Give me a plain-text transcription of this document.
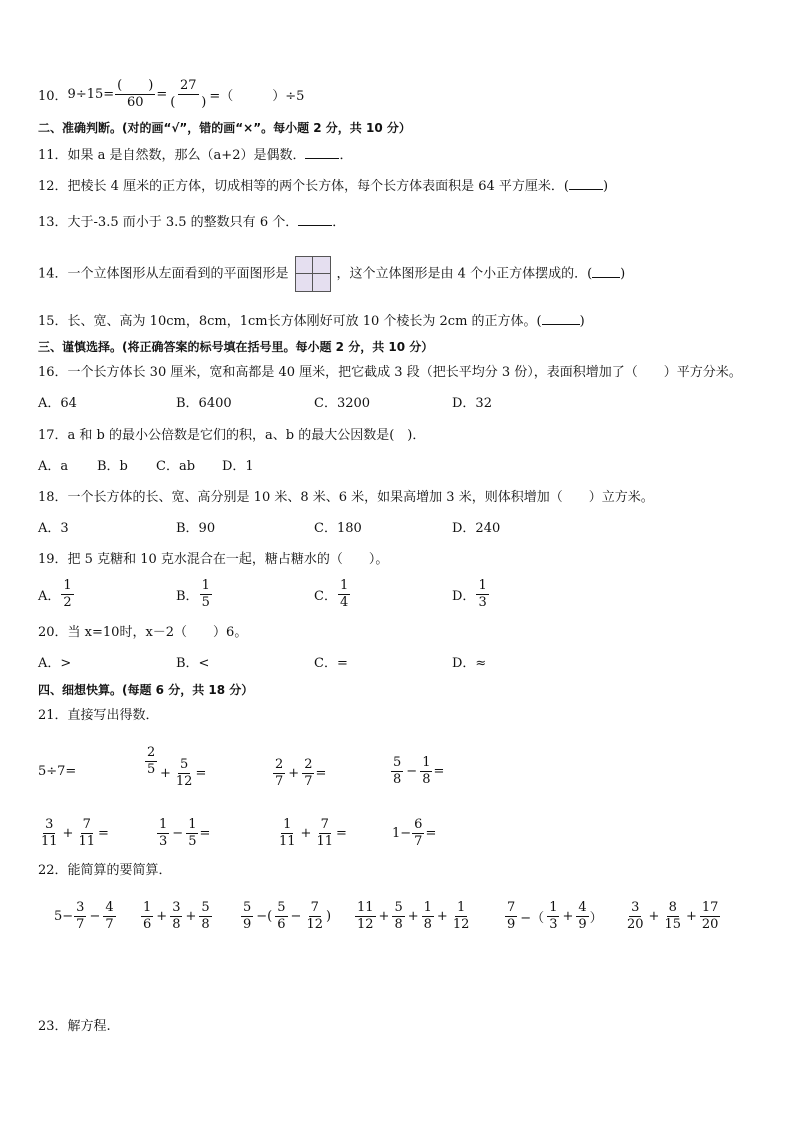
10． $9\div 15= \frac{( )}{60} = \frac{27}{( )}$ =（　　　）÷5
二、准确判断。(对的画“√”，错的画“×”。每小题 2 分，共 10 分）
11．如果 a 是自然数，那么（a+2）是偶数．	．
12．把棱长 4 厘米的正方体，切成相等的两个长方体，每个长方体表面积是 64 平方厘米．(	)
13．大于-3.5 而小于 3.5 的整数只有 6 个．	．
14．一个立体图形从左面看到的平面图形是	，这个立体图形是由 4 个小正方体摆成的．( )
15．长、宽、高为 10cm，8cm，1cm长方体刚好可放 10 个棱长为 2cm 的正方体。(	)
三、谨慎选择。(将正确答案的标号填在括号里。每小题 2 分，共 10 分）
16．一个长方体长 30 厘米，宽和高都是 40 厘米，把它截成 3 段（把长平均分 3 份），表面积增加了（　　）平方分米。
A．64	B．6400	C．3200	D．32
17．a 和 b 的最小公倍数是它们的积，a、b 的最大公因数是(　)．
A．a B．b C．ab D．1
18．一个长方体的长、宽、高分别是 10 米、8 米、6 米，如果高增加 3 米，则体积增加（　　）立方米。
A．3	B．90	C．180	D．240
19．把 5 克糖和 10 克水混合在一起，糖占糖水的（　　）。
A． $\frac{1}{2}$	B． $\frac{1}{5}$	C． $\frac{1}{4}$	D． $\frac{1}{3}$
20．当 x=10时，x－2（　　）6。
A．>	B．<	C．=	D．≈
四、细想快算。(每题 6 分，共 18 分）
21．直接写出得数．
5÷7=	$\frac{2}{5} + \frac{5}{12}$ =	$\frac{2}{7} + \frac{2}{7}$ =	$\frac{5}{8} - \frac{1}{8}$ =
$\frac{3}{11} + \frac{7}{11}$ =	$\frac{1}{3} - \frac{1}{5}$ =	$\frac{1}{11} + \frac{7}{11}$ =	$1- \frac{6}{7}$ =
22．能简算的要简算．
$5- \frac{3}{7} - \frac{4}{7} \frac{1}{6} + \frac{3}{8} + \frac{5}{8} \frac{5}{9}$ −( $\frac{5}{6} - \frac{7}{12}$ ) $\frac{11}{12} + \frac{5}{8} + \frac{1}{8} + \frac{1}{12}$	$\frac{7}{9}$ −（ $\frac{1}{3} + \frac{4}{9}$ ） $\frac{3}{20} + \frac{8}{15} + \frac{17}{20}$
23．解方程.
